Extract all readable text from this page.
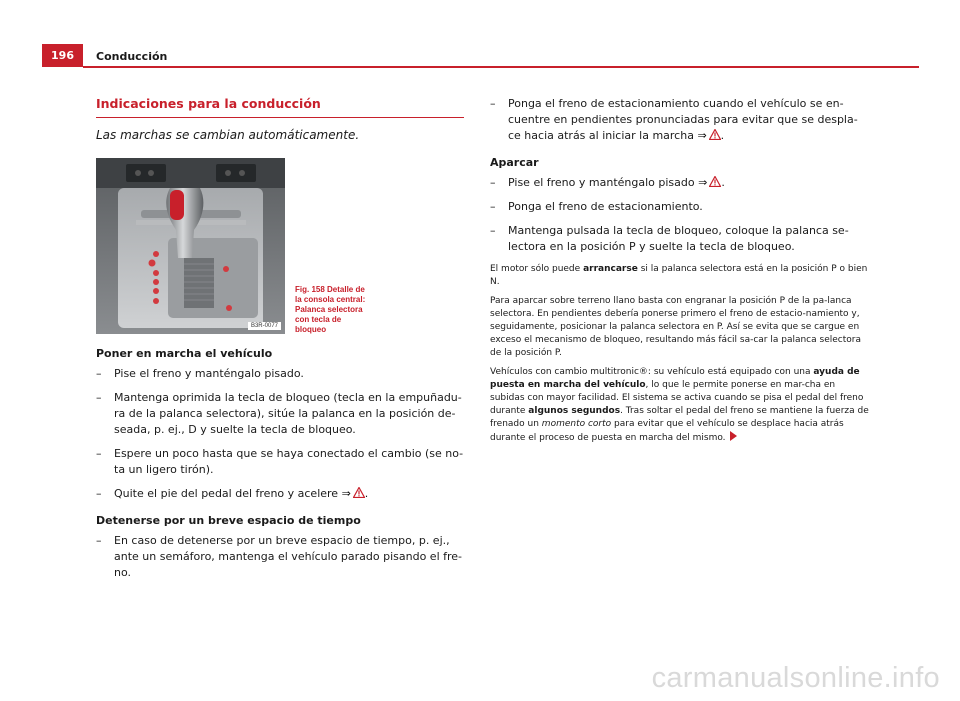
196	Conducción
Indicaciones para la conducción

Las marchas se cambian automáticamente.

B3R-0077
Fig. 158 Detalle de la consola central: Palanca selectora con tecla de bloqueo
Poner en marcha el vehículo
–	Pise el freno y manténgalo pisado.
–	Mantenga oprimida la tecla de bloqueo (tecla en la empuñadu-ra de la palanca selectora), sitúe la palanca en la posición de-seada, p. ej., D y suelte la tecla de bloqueo.
–	Espere un poco hasta que se haya conectado el cambio (se no-ta un ligero tirón).
–	Quite el pie del pedal del freno y acelere ⇒ .
Detenerse por un breve espacio de tiempo
–	En caso de detenerse por un breve espacio de tiempo, p. ej., ante un semáforo, mantenga el vehículo parado pisando el fre-no.
–	Ponga el freno de estacionamiento cuando el vehículo se en-cuentre en pendientes pronunciadas para evitar que se despla-ce hacia atrás al iniciar la marcha ⇒ .
Aparcar
–	Pise el freno y manténgalo pisado ⇒ .
–	Ponga el freno de estacionamiento.
–	Mantenga pulsada la tecla de bloqueo, coloque la palanca se-lectora en la posición P y suelte la tecla de bloqueo.

El motor sólo puede arrancarse si la palanca selectora está en la posición P o bien N.

Para aparcar sobre terreno llano basta con engranar la posición P de la pa-lanca selectora. En pendientes debería ponerse primero el freno de estacio-namiento y, seguidamente, posicionar la palanca selectora en P. Así se evita que se cargue en exceso el mecanismo de bloqueo, resultando más fácil sa-car la palanca selectora de la posición P.

Vehículos con cambio multitronic®: su vehículo está equipado con una ayuda de puesta en marcha del vehículo, lo que le permite ponerse en mar-cha en subidas con mayor facilidad. El sistema se activa cuando se pisa el pedal del freno durante algunos segundos. Tras soltar el pedal del freno se mantiene la fuerza de frenado un momento corto para evitar que el vehículo se desplace hacia atrás durante el proceso de puesta en marcha del mismo.

carmanualsonline.info
